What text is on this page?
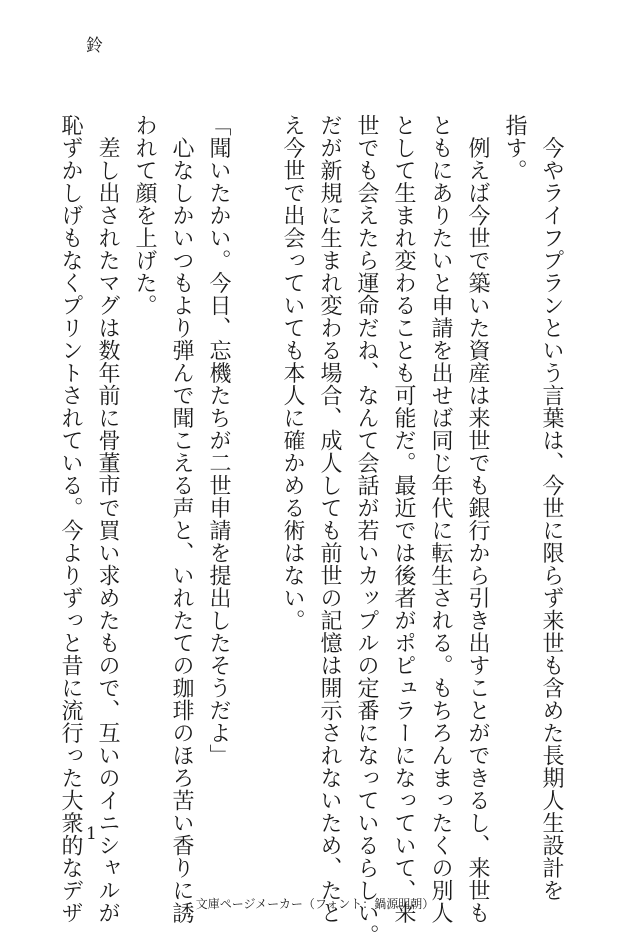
鈴
　今やライフプランという言葉は、今世に限らず来世も含めた長期人生設計を
指す。
　例えば今世で築いた資産は来世でも銀行から引き出すことができるし、来世も
ともにありたいと申請を出せば同じ年代に転生される。もちろんまったくの別人
として生まれ変わることも可能だ。最近では後者がポピュラーになっていて、来
世でも会えたら運命だね、なんて会話が若いカップルの定番になっているらしい。
だが新規に生まれ変わる場合、成人しても前世の記憶は開示されないため、たと
え今世で出会っていても本人に確かめる術はない。

「聞いたかい。今日、忘機たちが二世申請を提出したそうだよ」
　心なしかいつもより弾んで聞こえる声と、いれたての珈琲のほろ苦い香りに誘
われて顔を上げた。
　差し出されたマグは数年前に骨董市で買い求めたもので、互いのイニシャルが
恥ずかしげもなくプリントされている。今よりずっと昔に流行った大衆的なデザ 1
文庫ページメーカー（フォント：鍋源明朝）
